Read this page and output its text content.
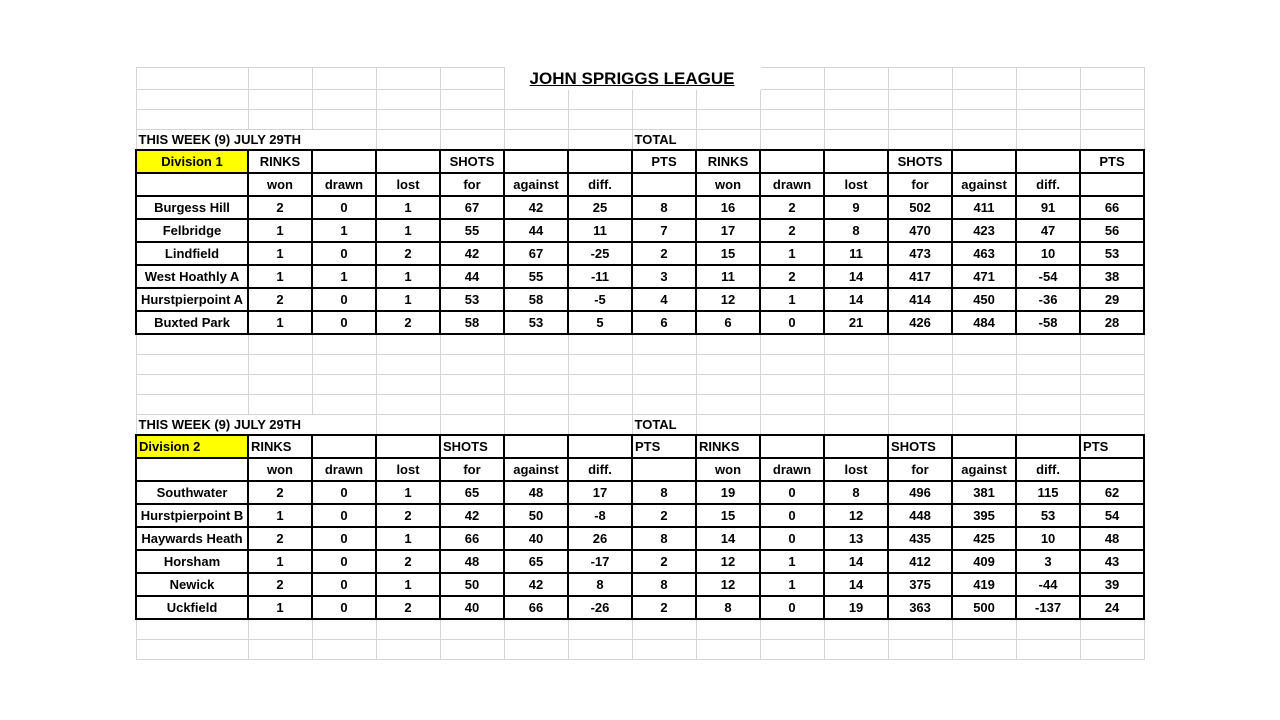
					JOHN SPRIGGS LEAGUE									

THIS WEEK (9) JULY 29TH							TOTAL							
Division 1	RINKS			SHOTS			PTS	RINKS			SHOTS			PTS
	won	drawn	lost	for	against	diff.		won	drawn	lost	for	against	diff.	
Burgess Hill	2	0	1	67	42	25	8	16	2	9	502	411	91	66
Felbridge	1	1	1	55	44	11	7	17	2	8	470	423	47	56
Lindfield	1	0	2	42	67	-25	2	15	1	11	473	463	10	53
West Hoathly A	1	1	1	44	55	-11	3	11	2	14	417	471	-54	38
Hurstpierpoint A	2	0	1	53	58	-5	4	12	1	14	414	450	-36	29
Buxted Park	1	0	2	58	53	5	6	6	0	21	426	484	-58	28

THIS WEEK (9) JULY 29TH							TOTAL							
Division 2	RINKS			SHOTS			PTS	RINKS			SHOTS			PTS
	won	drawn	lost	for	against	diff.		won	drawn	lost	for	against	diff.	
Southwater	2	0	1	65	48	17	8	19	0	8	496	381	115	62
Hurstpierpoint B	1	0	2	42	50	-8	2	15	0	12	448	395	53	54
Haywards Heath	2	0	1	66	40	26	8	14	0	13	435	425	10	48
Horsham	1	0	2	48	65	-17	2	12	1	14	412	409	3	43
Newick	2	0	1	50	42	8	8	12	1	14	375	419	-44	39
Uckfield	1	0	2	40	66	-26	2	8	0	19	363	500	-137	24
